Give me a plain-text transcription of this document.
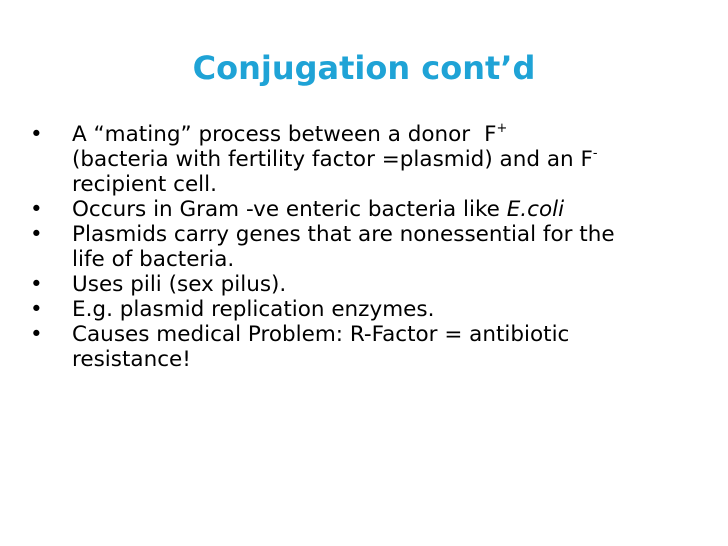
Conjugation cont’d
•	A “mating” process between a donor F+
(bacteria with fertility factor =plasmid) and an F-
recipient cell.
•	Occurs in Gram -ve enteric bacteria like E.coli
•	Plasmids carry genes that are nonessential for the
life of bacteria.
•	Uses pili (sex pilus).
•	E.g. plasmid replication enzymes.
•	Causes medical Problem: R-Factor = antibiotic
resistance!
